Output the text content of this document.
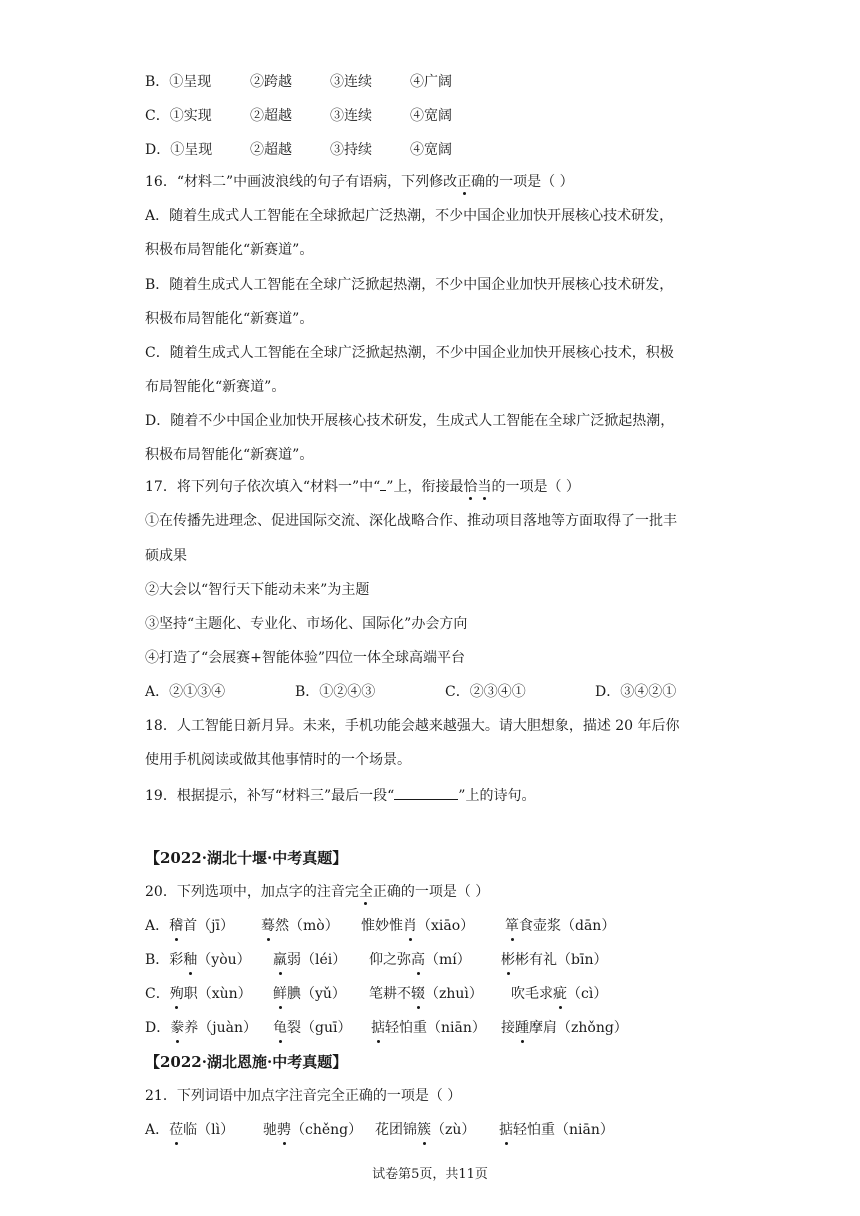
B．①呈现	②跨越	③连续	④广阔
C．①实现	②超越	③连续	④宽阔
D．①呈现	②超越	③持续	④宽阔
16．“材料二”中画波浪线的句子有语病，下列修改正确的一项是（ ）
A．随着生成式人工智能在全球掀起广泛热潮，不少中国企业加快开展核心技术研发，
积极布局智能化“新赛道”。
B．随着生成式人工智能在全球广泛掀起热潮，不少中国企业加快开展核心技术研发，
积极布局智能化“新赛道”。
C．随着生成式人工智能在全球广泛掀起热潮，不少中国企业加快开展核心技术，积极
布局智能化“新赛道”。
D．随着不少中国企业加快开展核心技术研发，生成式人工智能在全球广泛掀起热潮，
积极布局智能化“新赛道”。
17．将下列句子依次填入“材料一”中“ ”上，衔接最恰当的一项是（ ）
①在传播先进理念、促进国际交流、深化战略合作、推动项目落地等方面取得了一批丰
硕成果
②大会以“智行天下能动未来”为主题
③坚持“主题化、专业化、市场化、国际化”办会方向
④打造了“会展赛+智能体验”四位一体全球高端平台
A．②①③④	B．①②④③	C．②③④①	D．③④②①
18．人工智能日新月异。未来，手机功能会越来越强大。请大胆想象，描述 20 年后你
使用手机阅读或做其他事情时的一个场景。
19．根据提示，补写“材料三”最后一段“	”上的诗句。
【2022·湖北十堰·中考真题】
20．下列选项中，加点字的注音完全正确的一项是（ ）
A．稽首（jī） 蓦然（mò） 惟妙惟肖（xiāo） 箪食壶浆（dān）
B．彩釉（yòu） 羸弱（léi） 仰之弥高（mí） 彬彬有礼（bīn）
C．殉职（xùn） 鲜腆（yǔ） 笔耕不辍（zhuì） 吹毛求疵（cì）
D．豢养（juàn） 龟裂（guī） 掂轻怕重（niān） 接踵摩肩（zhǒng）
【2022·湖北恩施·中考真题】
21．下列词语中加点字注音完全正确的一项是（ ）
A．莅临（lì） 驰骋（chěng） 花团锦簇（zù） 掂轻怕重（niān）
试卷第5页，共11页
